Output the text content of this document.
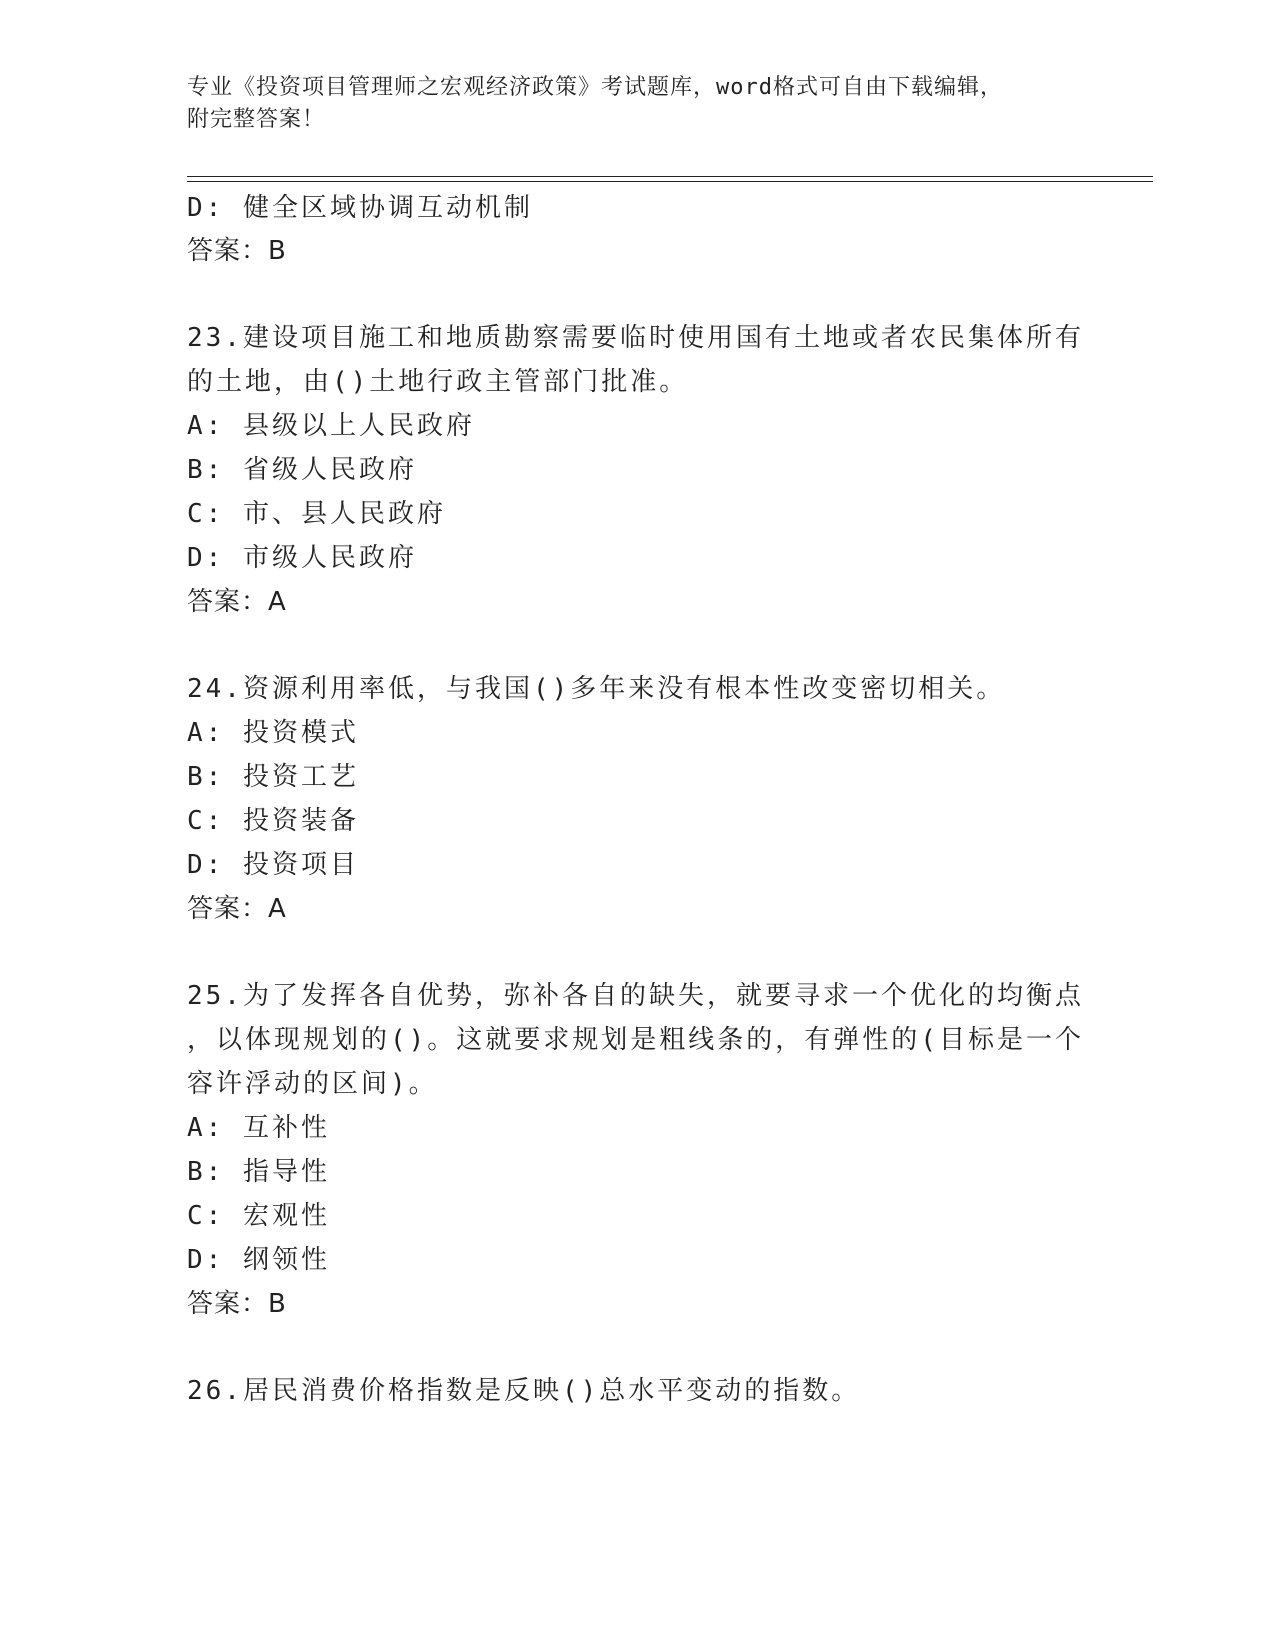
专业《投资项目管理师之宏观经济政策》考试题库，word格式可自由下载编辑，
附完整答案！
D: 健全区域协调互动机制
答案：B
23.建设项目施工和地质勘察需要临时使用国有土地或者农民集体所有
的土地，由()土地行政主管部门批准。
A: 县级以上人民政府
B: 省级人民政府
C: 市、县人民政府
D: 市级人民政府
答案：A
24.资源利用率低，与我国()多年来没有根本性改变密切相关。
A: 投资模式
B: 投资工艺
C: 投资装备
D: 投资项目
答案：A
25.为了发挥各自优势，弥补各自的缺失，就要寻求一个优化的均衡点
，以体现规划的()。这就要求规划是粗线条的，有弹性的(目标是一个
容许浮动的区间)。
A: 互补性
B: 指导性
C: 宏观性
D: 纲领性
答案：B
26.居民消费价格指数是反映()总水平变动的指数。
